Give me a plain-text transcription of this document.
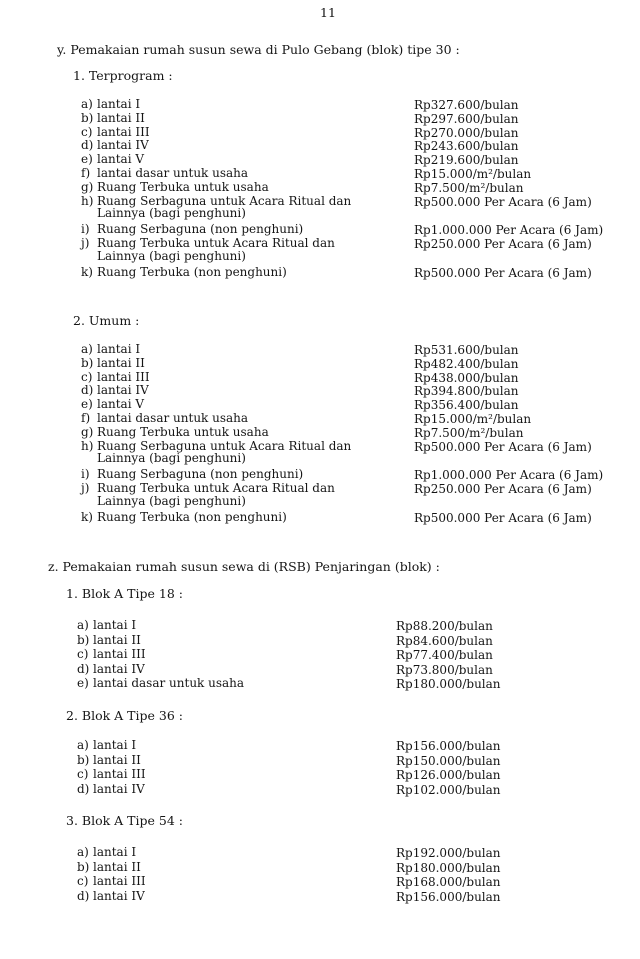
11
y. Pemakaian rumah susun sewa di Pulo Gebang (blok) tipe 30 :
1. Terprogram :
a) lantai I	Rp327.600/bulan
b) lantai II	Rp297.600/bulan
c) lantai III	Rp270.000/bulan
d) lantai IV	Rp243.600/bulan
e) lantai V	Rp219.600/bulan
f) lantai dasar untuk usaha	Rp15.000/m²/bulan
g) Ruang Terbuka untuk usaha	Rp7.500/m²/bulan
h) Ruang Serbaguna untuk Acara Ritual dan	Rp500.000 Per Acara (6 Jam)
Lainnya (bagi penghuni)
i) Ruang Serbaguna (non penghuni)	Rp1.000.000 Per Acara (6 Jam)
j) Ruang Terbuka untuk Acara Ritual dan	Rp250.000 Per Acara (6 Jam)
Lainnya (bagi penghuni)
k) Ruang Terbuka (non penghuni)	Rp500.000 Per Acara (6 Jam)
2. Umum :
a) lantai I	Rp531.600/bulan
b) lantai II	Rp482.400/bulan
c) lantai III	Rp438.000/bulan
d) lantai IV	Rp394.800/bulan
e) lantai V	Rp356.400/bulan
f) lantai dasar untuk usaha	Rp15.000/m²/bulan
g) Ruang Terbuka untuk usaha	Rp7.500/m²/bulan
h) Ruang Serbaguna untuk Acara Ritual dan	Rp500.000 Per Acara (6 Jam)
Lainnya (bagi penghuni)
i) Ruang Serbaguna (non penghuni)	Rp1.000.000 Per Acara (6 Jam)
j) Ruang Terbuka untuk Acara Ritual dan	Rp250.000 Per Acara (6 Jam)
Lainnya (bagi penghuni)
k) Ruang Terbuka (non penghuni)	Rp500.000 Per Acara (6 Jam)
z. Pemakaian rumah susun sewa di (RSB) Penjaringan (blok) :
1. Blok A Tipe 18 :
a) lantai I	Rp88.200/bulan
b) lantai II	Rp84.600/bulan
c) lantai III	Rp77.400/bulan
d) lantai IV	Rp73.800/bulan
e) lantai dasar untuk usaha	Rp180.000/bulan
2. Blok A Tipe 36 :
a) lantai I	Rp156.000/bulan
b) lantai II	Rp150.000/bulan
c) lantai III	Rp126.000/bulan
d) lantai IV	Rp102.000/bulan
3. Blok A Tipe 54 :
a) lantai I	Rp192.000/bulan
b) lantai II	Rp180.000/bulan
c) lantai III	Rp168.000/bulan
d) lantai IV	Rp156.000/bulan
